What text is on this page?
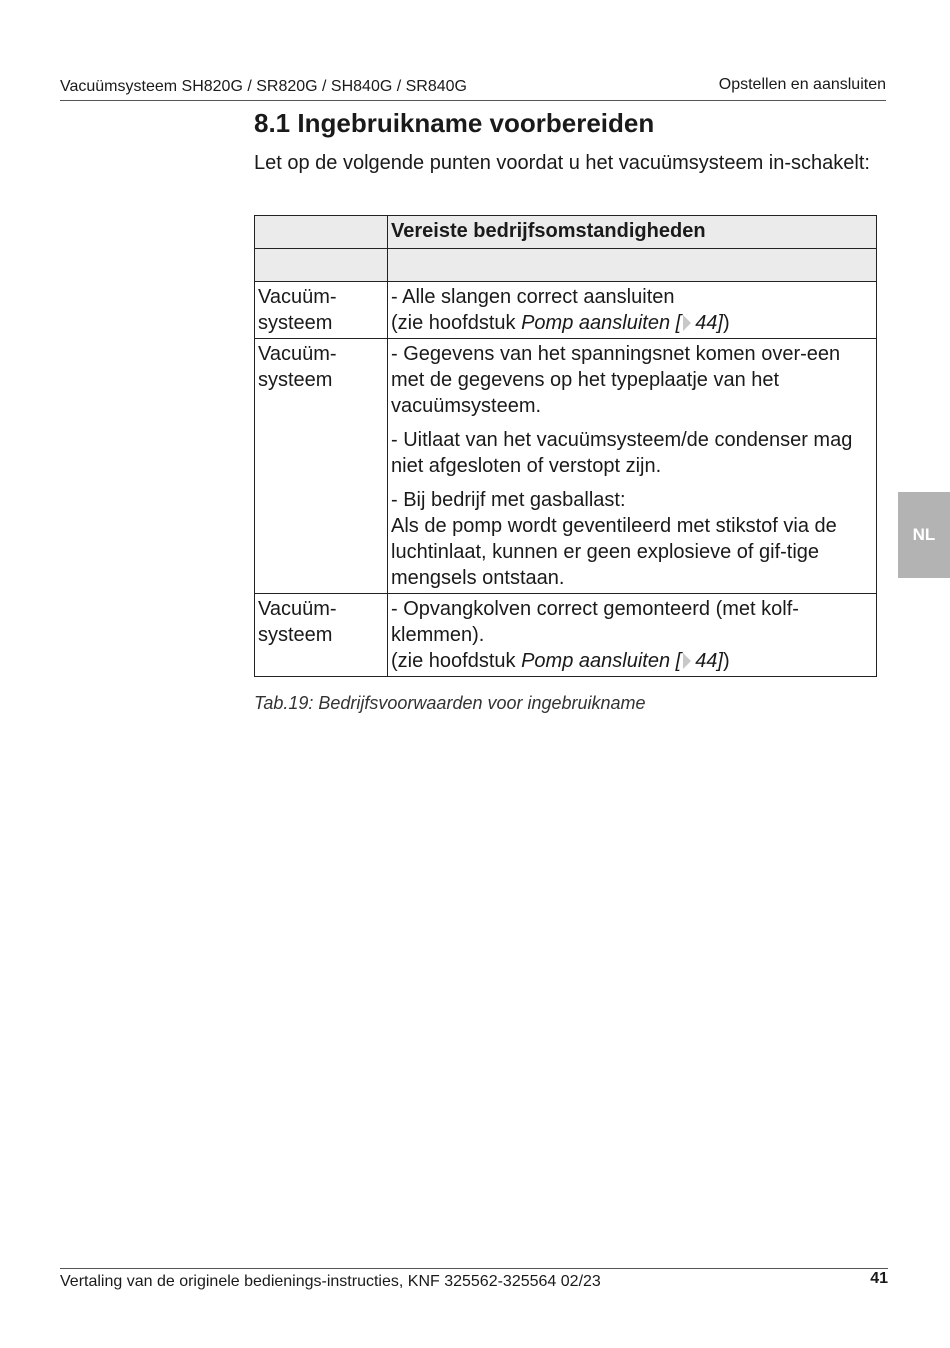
Vacuümsysteem SH820G / SR820G / SH840G / SR840G	Opstellen en aansluiten
8.1 Ingebruikname voorbereiden

Let op de volgende punten voordat u het vacuümsysteem in-schakelt:

	Vereiste bedrijfsomstandigheden

Vacuüm-systeem	- Alle slangen correct aansluiten
(zie hoofdstuk Pomp aansluiten [ 44])

Vacuüm-systeem	- Gegevens van het spanningsnet komen over-een met de gegevens op het typeplaatje van het vacuümsysteem.
- Uitlaat van het vacuümsysteem/de condenser mag niet afgesloten of verstopt zijn.
- Bij bedrijf met gasballast:
Als de pomp wordt geventileerd met stikstof via de luchtinlaat, kunnen er geen explosieve of gif-tige mengsels ontstaan.

Vacuüm-systeem	- Opvangkolven correct gemonteerd (met kolf-klemmen).
(zie hoofdstuk Pomp aansluiten [ 44])
Tab.19: Bedrijfsvoorwaarden voor ingebruikname
NL
Vertaling van de originele bedienings-instructies, KNF 325562-325564 02/23	41
